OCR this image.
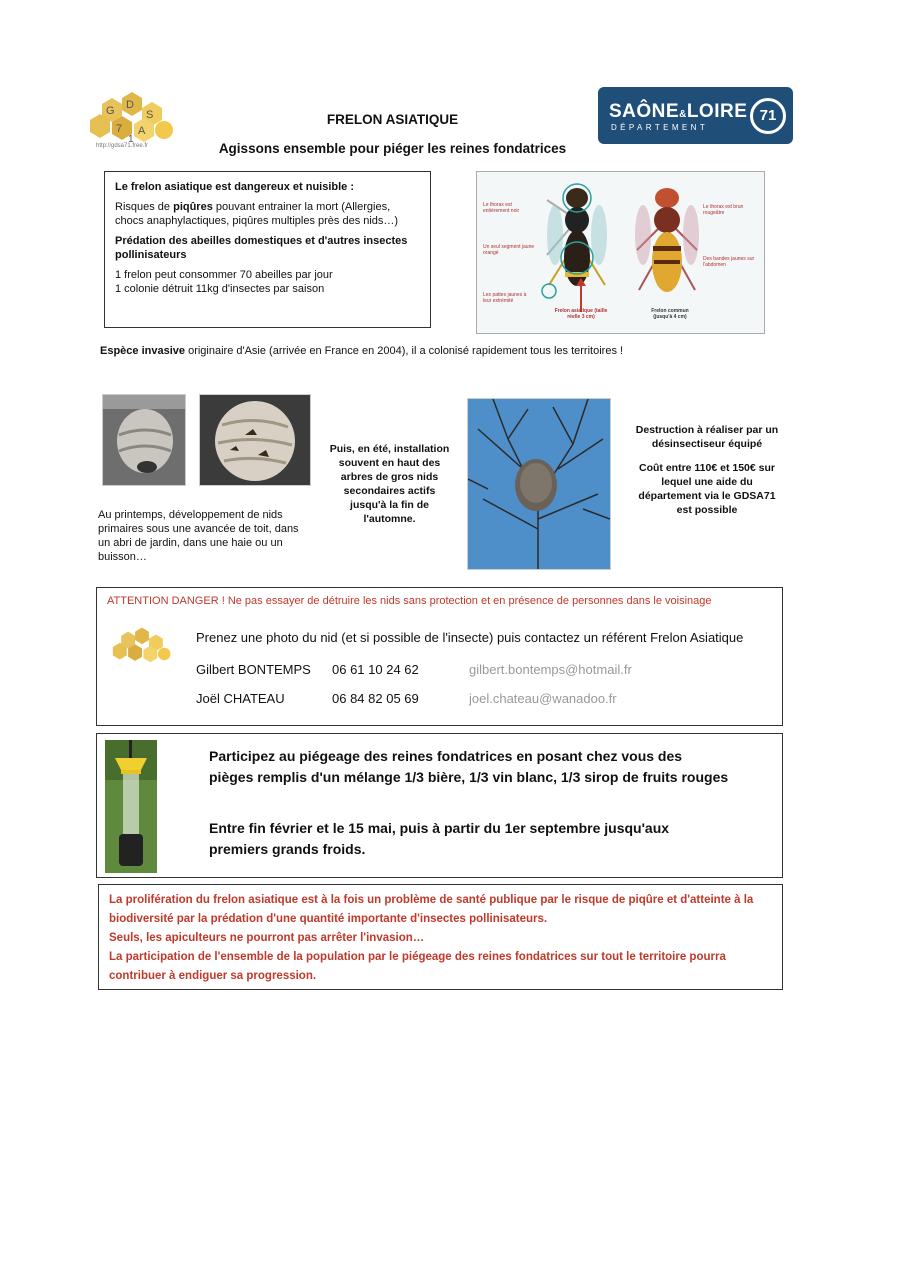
G D
S
7 A
1
http://gdsa71.free.fr
FRELON ASIATIQUE
Agissons ensemble pour piéger les reines fondatrices
SAÔNE&LOIRE
DÉPARTEMENT
71

Le frelon asiatique est dangereux et nuisible :

Risques de piqûres pouvant entrainer la mort (Allergies, chocs anaphylactiques, piqûres multiples près des nids…)

Prédation des abeilles domestiques et d'autres insectes pollinisateurs

1 frelon peut consommer 70 abeilles par jour

1 colonie détruit 11kg d'insectes par saison

Le thorax est entièrement noir
Un seul segment jaune orangé
Les pattes jaunes à leur extrémité
Le thorax est brun rougeâtre
Des bandes jaunes sur l'abdomen
Frelon asiatique (taille réelle 3 cm)
Frelon commun (jusqu'à 4 cm)
Espèce invasive originaire d'Asie (arrivée en France en 2004), il a colonisé rapidement tous les territoires !
Au printemps, développement de nids primaires sous une avancée de toit, dans un abri de jardin, dans une haie ou un buisson…
Puis, en été, installation souvent en haut des arbres de gros nids secondaires actifs jusqu'à la fin de l'automne.
Destruction à réaliser par un désinsectiseur équipé
Coût entre 110€ et 150€ sur lequel une aide du département via le GDSA71 est possible
ATTENTION DANGER ! Ne pas essayer de détruire les nids sans protection et en présence de personnes dans le voisinage
Prenez une photo du nid (et si possible de l'insecte) puis contactez un référent Frelon Asiatique
Gilbert BONTEMPS 06 61 10 24 62	gilbert.bontemps@hotmail.fr
Joël CHATEAU	06 84 82 05 69	joel.chateau@wanadoo.fr

Participez au piégeage des reines fondatrices en posant chez vous des pièges remplis d'un mélange 1/3 bière, 1/3 vin blanc, 1/3 sirop de fruits rouges

Entre fin février et le 15 mai, puis à partir du 1er septembre jusqu'aux premiers grands froids.

La prolifération du frelon asiatique est à la fois un problème de santé publique par le risque de piqûre et d'atteinte à la biodiversité par la prédation d'une quantité importante d'insectes pollinisateurs.

Seuls, les apiculteurs ne pourront pas arrêter l'invasion…

La participation de l'ensemble de la population par le piégeage des reines fondatrices sur tout le territoire pourra contribuer à endiguer sa progression.
